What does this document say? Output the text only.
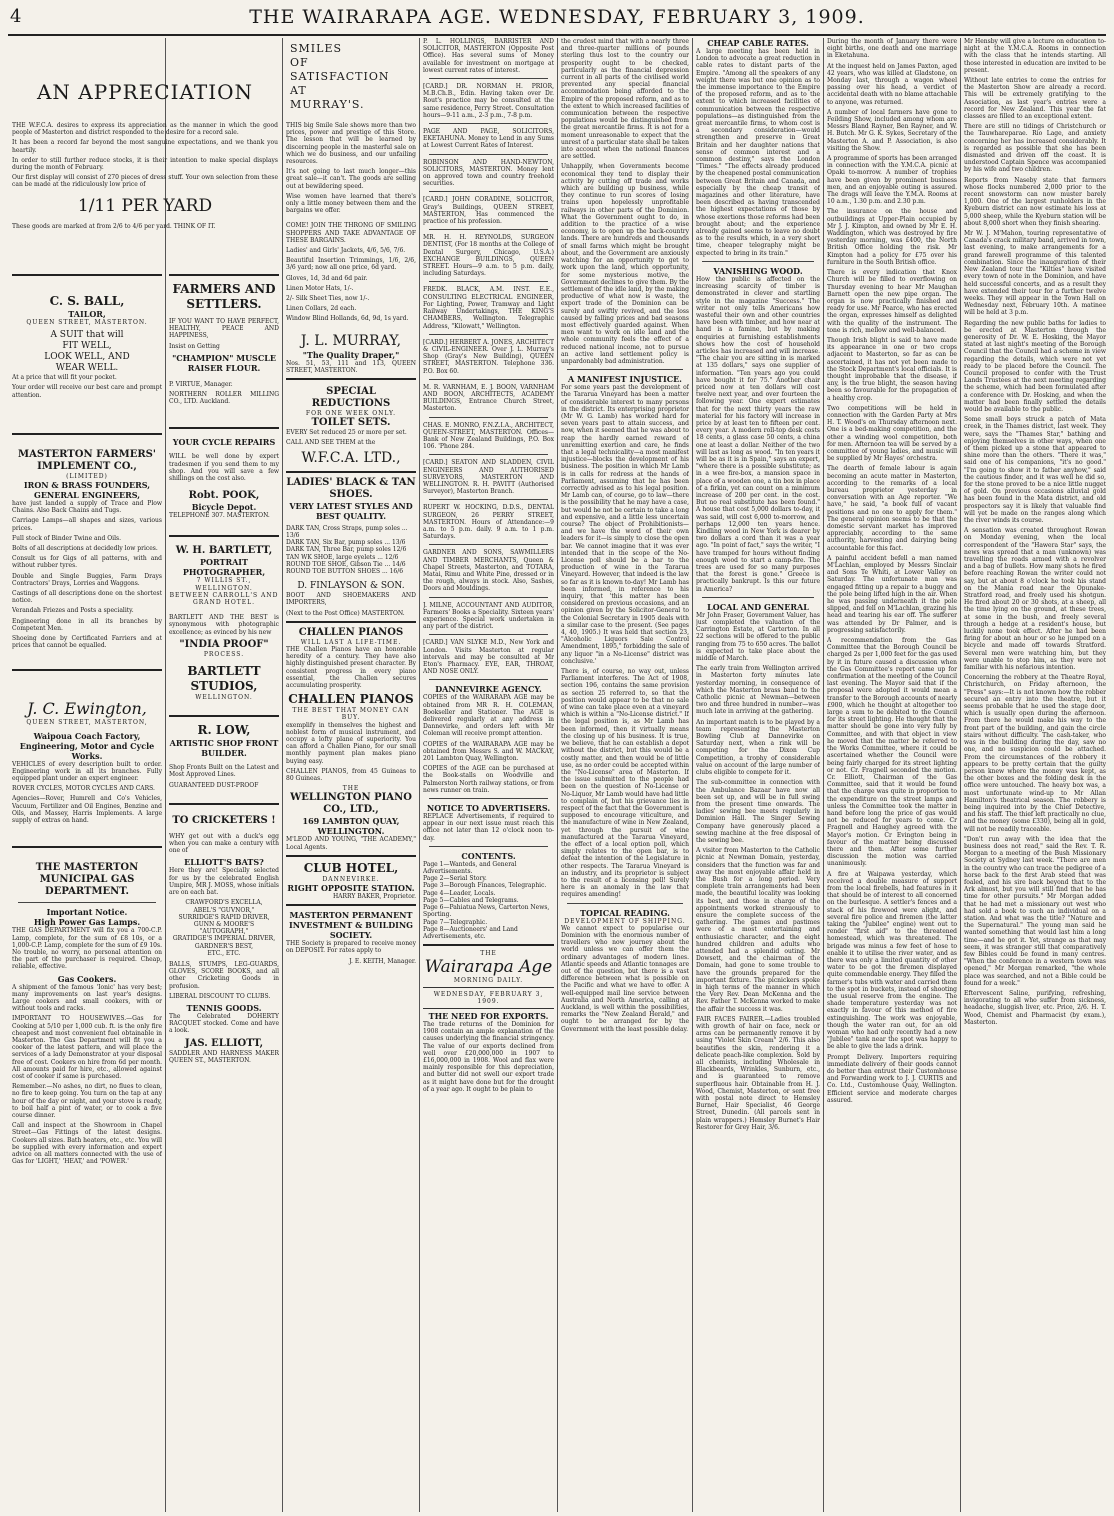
4	THE WAIRARAPA AGE. WEDNESDAY, FEBRUARY 3, 1909.
AN APPRECIATION

THE W.F.C.A. desires to express its appreciation as the manner in which the good people of Masterton and district responded to the desire for a record sale.

It has been a record far beyond the most sanguine expectations, and we thank you heartily.

In order to still further reduce stocks, it is their intention to make special displays during the month of February.

Our first display will consist of 270 pieces of dress stuff. Your own selection from these can be made at the ridiculously low price of

1/11 PER YARD

These goods are marked at from 2/6 to 4/6 per yard. THINK OF IT.

C. S. BALL,
TAILOR,
QUEEN STREET, MASTERTON.
A SUIT that will
FIT WELL,
LOOK WELL, AND
WEAR WELL.

At a price that will fit your pocket.

Your order will receive our best care and prompt attention.

MASTERTON FARMERS' IMPLEMENT CO.,
(LIMITED)
IRON & BRASS FOUNDERS, GENERAL ENGINEERS,

have just landed a supply of Trace and Plow Chains. Also Back Chains and Tugs.

Carriage Lamps—all shapes and sizes, various prices.

Full stock of Binder Twine and Oils.

Bolts of all descriptions at decidedly low prices.

Consult us for Gigs of all patterns, with and without rubber tyres.

Double and Single Buggies, Farm Drays Contractors' Drays, Lorries and Waggons.

Castings of all descriptions done on the shortest notice.

Verandah Friezes and Posts a speciality.

Engineering done in all its branches by Competent Men.

Shoeing done by Certificated Farriers and at prices that cannot be equalled.

J. C. Ewington,
QUEEN STREET, MASTERTON,
Waipoua Coach Factory, Engineering, Motor and Cycle Works.

VEHICLES of every description built to order. Engineering work in all its branches. Fully equipped plant under an expert engineer.

ROVER CYCLES, MOTOR CYCLES AND CARS.

Agencies—Rover, Humrell and Co's Vehicles, Vacuum, Fertilizer and Oil Engines, Benzine and Oils, and Massey, Harris Implements. A large supply of extras on hand.

THE MASTERTON MUNICIPAL GAS DEPARTMENT.
Important Notice.
High Power Gas Lamps.

THE GAS DEPARTMENT will fix you a 700-C.P. Lamp, complete, for the sum of £8 10s, or a 1,000-C.P. Lamp, complete for the sum of £9 10s. No trouble, no worry, no personal attention on the part of the purchaser is required. Cheap, reliable, effective.

Gas Cookers.

A shipment of the famous 'Ionic' has very best; many improvements on last year's designs. Large cookers and small cookers, with or without tools and racks.

IMPORTANT TO HOUSEWIVES.—Gas for Cooking at 5/10 per 1,000 cub. ft. is the only fire cheapest and most convenient fuel obtainable in Masterton. The Gas Department will fit you a cooker of the latest pattern, and will place the services of a lady Demonstrator at your disposal free of cost. Cookers on hire from 6d per month. All amounts paid for hire, etc., allowed against cost of cooker if same is purchased.

Remember.—No ashes, no dirt, no flues to clean, no fire to keep going. You turn on the tap at any hour of the day or night, and your stove is ready, to boil half a pint of water, or to cook a five course dinner.

Call and inspect at the Showroom in Chapel Street—Gas Fittings of the latest designs. Cookers all sizes. Bath heaters, etc., etc. You will be supplied with every information and expert advice on all matters connected with the use of Gas for 'LIGHT,' 'HEAT,' and 'POWER.'

FARMERS AND SETTLERS.

IF YOU WANT TO HAVE PERFECT, HEALTHY, PEACE AND HAPPINESS,

Insist on Getting

"CHAMPION" MUSCLE RAISER FLOUR.

P. VIRTUE, Manager.

NORTHERN ROLLER MILLING CO., LTD. Auckland.

YOUR CYCLE REPAIRS

WILL be well done by expert tradesmen if you send them to my shop. And you will save a few shillings on the cost also.

Robt. POOK,
Bicycle Depot.

TELEPHONE 307. MASTERTON.

W. H. BARTLETT,
PORTRAIT PHOTOGRAPHER,
7 WILLIS ST., WELLINGTON.
BETWEEN CARROLL'S AND GRAND HOTEL.

BARTLETT AND THE BEST is synonymous with photographic excellence; as evinced by his new

"INDIA PROOF"
PROCESS.
BARTLETT STUDIOS,
WELLINGTON.
R. LOW,
ARTISTIC SHOP FRONT BUILDER.

Shop Fronts Built on the Latest and Most Approved Lines.

GUARANTEED DUST-PROOF

TO CRICKETERS !

WHY get out with a duck's egg when you can make a century with one of

ELLIOTT'S BATS?

Here they are! Specially selected for us by the celebrated English Umpire, MR J. MOSS, whose initials are on each bat.

CRAWFORD'S EXCELLA,
ABEL'S "GUVNOR,"
SURRIDGE'S RAPID DRIVER,
GUNN & MOORE'S "AUTOGRAPH,"
GRATIDGE'S IMPERIAL DRIVER,
GARDNER'S BEST,
ETC., ETC.

BALLS, STUMPS, LEG-GUARDS, GLOVES, SCORE BOOKS, and all other Cricketing Goods in profusion.

LIBERAL DISCOUNT TO CLUBS.

TENNIS GOODS.

The Celebrated DOHERTY RACQUET stocked. Come and have a look.

JAS. ELLIOTT,

SADDLER AND HARNESS MAKER QUEEN ST., MASTERTON.

SMILES
OF
SATISFACTION
AT
MURRAY'S.

THIS big Smile Sale shows more than two prices, power and prestige of this Store. The lesson that will be learned by discerning people in the masterful sale on which we do business, and our unfailing resources.

It's not going to last much longer—this great sale—it can't. The goods are selling out at bewildering speed.

Wise women have learned that there's only a little money between them and the bargains we offer.

COME! JOIN THE THRONG OF SMILING SHOPPERS AND TAKE ADVANTAGE OF THESE BARGAINS.

Ladies' and Girls' Jackets, 4/6, 5/6, 7/6.

Beautiful Insertion Trimmings, 1/6, 2/6, 3/6 yard; now all one price, 6d yard.

Gloves, 1d, 3d and 6d pair.

Linen Motor Hats, 1/-.

2/- Silk Sheet Ties, now 1/-.

Linen Collars, 2d each.

Window Blind Hollands, 6d, 9d, 1s yard.

J. L. MURRAY,
"The Quality Draper,"

Nos. 51, 53, 111 and 113, QUEEN STREET, MASTERTON.

SPECIAL REDUCTIONS
FOR ONE WEEK ONLY.
TOILET SETS.

EVERY Set reduced 25 or more per set.

CALL AND SEE THEM at the

W.F.C.A. LTD.,
LADIES' BLACK & TAN SHOES.
VERY LATEST STYLES AND BEST QUALITY.
DARK TAN, Cross Straps, pump soles ... 13/6
DARK TAN, Six Bar, pump soles ... 13/6
DARK TAN, Three Bar, pump soles 12/6
TAN WK SHOE, large eyelets ... 12/6
ROUND TOE SHOE, Gibson Tie ... 14/6
ROUND TOE BUTTON SHOES ... 16/6
D. FINLAYSON & SON.

BOOT AND SHOEMAKERS AND IMPORTERS,

(Next to the Post Office) MASTERTON.

CHALLEN PIANOS
WILL LAST A LIFE-TIME.

THE Challen Pianos have an honorable heredity of a century. They have also highly distinguished present character. By consistent progress in every piano essential, the Challen secures accumulating prosperity.

CHALLEN PIANOS
THE BEST THAT MONEY CAN BUY.

exemplify in themselves the highest and noblest form of musical instrument, and occupy a lofty plane of superiority. You can afford a Challen Piano, for our small monthly payment plan makes piano buying easy.

CHALLEN PIANOS, from 45 Guineas to 80 Guineas.

THE
WELLINGTON PIANO CO., LTD.,
169 LAMBTON QUAY, WELLINGTON.

M'LEOD AND YOUNG, "THE ACADEMY," Local Agents.

CLUB HOTEL,
DANNEVIRKE.
RIGHT OPPOSITE STATION.

HARRY BAKER, Proprietor.

MASTERTON PERMANENT INVESTMENT & BUILDING SOCIETY.

THE Society is prepared to receive money on DEPOSIT. For rates apply to

J. E. KEITH, Manager.

P. L. HOLLINGS, BARRISTER AND SOLICITOR, MASTERTON (Opposite Post Office). Has several sums of Money available for investment on mortgage at lowest current rates of interest.

[CARD.] DR. NORMAN H. PRIOR, M.B.Ch.B., Edin. Having taken over Dr. Rout's practice may be consulted at the same residence, Perry Street. Consultation hours—9-11 a.m., 2-3 p.m., 7-8 p.m.

PAGE AND PAGE, SOLICITORS, EKETAHUNA. Money to Lend in any Sums at Lowest Current Rates of Interest.

ROBINSON AND HAND-NEWTON, SOLICITORS, MASTERTON. Money lent on approved town and country freehold securities.

[CARD.] JOHN CORADINE, SOLICITOR, Gray's Buildings, QUEEN STREET, MASTERTON, Has commenced the practice of his profession.

MR. H. H. REYNOLDS, SURGEON DENTIST, (For 18 months at the College of Dental Surgery, Chicago, U.S.A.) EXCHANGE BUILDINGS, QUEEN STREET. Hours—9 a.m. to 5 p.m. daily, including Saturdays.

FREDK. BLACK, A.M. INST. E.E., CONSULTING ELECTRICAL ENGINEER, For Lighting, Power, Tramway and Light Railway Undertakings, THE KING'S CHAMBERS, Wellington. Telegraphic Address, "Kilowatt," Wellington.

[CARD.] HERBERT A. JONES, ARCHITECT & CIVIL-ENGINEER. Over J. L. Murray's Shop (Gray's New Building), QUEEN STREET, MASTERTON. Telephone 336. P.O. Box 60.

M. R. VARNHAM, E. J. BOON, VARNHAM AND BOON, ARCHITECTS, ACADEMY BUILDINGS, Entrance Church Street, Masterton.

CHAS. E. MONRO, F.N.Z.I.A., ARCHITECT, QUEEN-STREET, MASTERTON. Offices—Bank of New Zealand Buildings, P.O. Box 106. 'Phone 284.

[CARD.] SEATON AND SLADDEN, CIVIL ENGINEERS AND AUTHORISED SURVEYORS, MASTERTON AND WELLINGTON. R. H. PAVITT (Authorised Surveyor), Masterton Branch.

RUPERT W. HOCKING, D.D.S., DENTAL SURGEON, 26 PERRY STREET, MASTERTON. Hours of Attendance:—9 a.m. to 5 p.m. daily. 9 a.m. to 1 p.m. Saturdays.

GARDNER AND SONS, SAWMILLERS AND TIMBER MERCHANTS, Queen & Chapel Streets, Masterton, and TOTARA, Matai, Rimu and White Pine, dressed or in the rough, always in stock. Also, Sashes, Doors and Mouldings.

J. MILNE, ACCOUNTANT AND AUDITOR, Farmers' Books a Speciality. Sixteen years' experience. Special work undertaken in any part of the district.

[CARD.] VAN SLYKE M.D., New York and London. Visits Masterton at regular intervals and may be consulted at Mr Eton's Pharmacy. EYE, EAR, THROAT, AND NOSE ONLY.

DANNEVIRKE AGENCY.

COPIES of the WAIRARAPA AGE may be obtained from MR R. H. COLEMAN, Bookseller and Stationer. The AGE is delivered regularly at any address in Dannevirke, and orders left with Mr Coleman will receive prompt attention.

COPIES of the WAIRARAPA AGE may be obtained from Messrs S. and W. MACKAY, 201 Lambton Quay, Wellington.

COPIES of the AGE can be purchased at the Book-stalls on Woodville and Palmerston North railway stations, or from news runner on train.

NOTICE TO ADVERTISERS.

REPLACE Advertisements, if required to appear in our next issue must reach this office not later than 12 o'clock noon to-day.

CONTENTS.
Page 1—Wanteds, and General Advertisements.
Page 2—Serial Story.
Page 3—Borough Finances, Telegraphic.
Page 4—Leader, Locals.
Page 5—Cables and Telegrams.
Page 6—Pahiatua News, Carterton News, Sporting.
Page 7—Telegraphic.
Page 8—Auctioneers' and Land Advertisements, etc.
THE
Wairarapa Age
MORNING DAILY.
WEDNESDAY, FEBRUARY 3, 1909.
THE NEED FOR EXPORTS.

The trade returns of the Dominion for 1908 contain an ample explanation of the causes underlying the financial stringency. The value of our exports declined from well over £20,000,000 in 1907 to £16,000,000 in 1908. Wool and flax were mainly responsible for this depreciation, and butter did not swell our export trade as it might have done but for the drought of a year ago. It ought to be plain to

the crudest mind that with a nearly three and three-quarter millions of pounds sterling thus lost to the country our prosperity ought to be checked, particularly as the financial depression current in all parts of the civilised world prevented any special financial accommodation being afforded to the Empire of the proposed reform, and as to the extent to which increased facilities of communication between the respective populations would be distinguished from the great mercantile firms. It is not for a moment unreasonable to expect that the unrest of a particular state shall be taken into account when the national finances are settled.

Unhappily, when Governments become economical they tend to display their activity by cutting off trade and works which are building up business, while they continue to run scores of losing trains upon hopelessly unprofitable railways in other parts of the Dominion. What the Government ought to do, in addition to the practice of a wise economy, is to open up the back-country lands. There are hundreds and thousands of small farms which might be brought about, and the Government are anxiously watching for an opportunity to get to work upon the land, which opportunity, for some mysterious motive, the Government declines to give them. By the settlement of the idle land, by the making productive of what now is waste, the export trade of the Dominion can be surely and swiftly revived, and the loss caused by falling prices and bad seasons most effectively guarded against. When men want to work on idle land and the whole community feels the effect of a reduced national income, not to pursue an active land settlement policy is unpardonably bad administration.

A MANIFEST INJUSTICE.

For some years past the development of the Tararua Vineyard has been a matter of considerable interest to many persons in the district. Its enterprising proprietor (Mr W. G. Lamb) has worked hard for seven years past to attain success, and now, when it seemed that he was about to reap the hardly earned reward of unremitting exertion and care, he finds that a legal technicality—a most manifest injustice—blocks the development of his business. The position in which Mr Lamb is in calls for redress at the hands of Parliament, assuming that he has been correctly advised as to his legal position. Mr Lamb can, of course, go to law—there is the possibility that he may have a case, but would he not be certain to take a long and expensive, and a little less uncertain course? The object of Prohibitionists—and we have the word of their own leaders for it—is simply to close the open bar. We cannot imagine that it was ever intended that in the scope of the No-License poll should be a bar to the production of wine in the Tararua Vineyard. However, that indeed is the law so far as it is known to-day! Mr Lamb has been informed, in reference to his inquiry, that 'this matter has been considered on previous occasions, and an opinion given by the Solicitor-General to the Colonial Secretary in 1905 deals with a similar case to the present. (See pages 4, 40, 1905.) It was held that section 23, "Alcoholic Liquors Sale Control Amendment, 1895," forbidding the sale of any liquor "in a No-License" district was conclusive.'

There is, of course, no way out, unless Parliament interferes. The Act of 1908, section 196, contains the same provision as section 25 referred to, so that the position would appear to be that no sale of wine can take place even at a vineyard which is within a "No-License district." If the legal position is, as Mr Lamb has been informed, then it virtually means the closing up of his business. It is true, we believe, that he can establish a depot without the district, but this would be a costly matter, and then would be of little use, as no order could be accepted within the "No-License" area of Masterton. If the issue submitted to the people had been on the question of No-License or No-Liquor, Mr Lamb would have had little to complain of, but his grievance lies in respect of the fact that the Government is supposed to encourage viticulture, and the manufacture of wine in New Zealand, yet through the pursuit of wine manufactured at the Tararua Vineyard, the effect of a local option poll, which simply relates to the open bar, is to defeat the intention of the Legislature in other respects. The Tararua Vineyard is an industry, and its proprietor is subject to the result of a licensing poll! Surely here is an anomaly in the law that requires amending!

TOPICAL READING.
DEVELOPMENT OF SHIPPING.

We cannot expect to popularise our Dominion with the enormous number of travellers who now journey about the world unless we can offer them the ordinary advantages of modern lines. Atlantic speeds and Atlantic tonnages are out of the question, but there is a vast difference between what is possible on the Pacific and what we have to offer. A well-equipped mail line service between Australia and North America, calling at Auckland, is well within the possibilities, remarks the "New Zealand Herald," and ought to be arranged for by the Government with the least possible delay.

CHEAP CABLE RATES.

A large meeting has been held in London to advocate a great reduction in cable rates to distant parts of the Empire. "Among all the speakers of any weight there was but one opinion as to the immense importance to the Empire of the proposed reform, and as to the extent to which increased facilities of communication between the respective populations—as distinguished from the great mercantile firms, to whom cost is a secondary consideration—would strengthen and preserve in Great Britain and her daughter nations that sense of common interest and a common destiny," says the London "Times." "The effects already produced by the cheapened postal communication between Great Britain and Canada, and especially by the cheap transit of magazines and other literature, have been described as having transcended the highest expectations of those by whose exertions those reforms had been brought about; and the experience already gained seems to leave no doubt as to the results which, in a very short time, cheaper telegraphy might be expected to bring in its train."

VANISHING WOOD.

How the public is affected on the increasing scarcity of timber is demonstrated in clever and startling style in the magazine "Success." The writer not only tells Americans how wasteful their own and other countries have been with timber, and how near at hand is a famine, but by making enquiries at furnishing establishments shows how the cost of household articles has increased and will increase. "The chair you are sitting in is marked at 135 dollars," says one supplier of information. "Ten years ago you could have bought it for 75." Another chair priced now at ten dollars will cost twelve next year, and over fourteen the following year. One expert estimates that for the next thirty years the raw material for his factory will increase in price by at least ten to fifteen per cent. every year. A modern roll-top desk costs 18 cents, a glass case 50 cents, a china one at least a dollar. Neither of the two will last as long as wood. "In ten years it will be as it is in Spain," says an expert, "where there is a possible substitute; as in a wee fire-box, a mansion space in place of a wooden one, a tin box in place of a firkin, yet can count on a minimum increase of 200 per cent. in the cost. But no real substitute has been found." A house that cost 5,000 dollars to-day, it was said, will cost 6,000 to-morrow, and perhaps 12,000 ten years hence. Kindling wood in New York is dearer by two dollars a cord than it was a year ago. "In point of fact," says the writer, "I have tramped for hours without finding enough wood to start a camp-fire. The trees are used for so many purposes that the forest is gone." Greece is practically bankrupt. Is this our future in America?

LOCAL AND GENERAL

Mr John Fraser, Government Valuer, has just completed the valuation of the Carrington Estate, at Carterton. In all 22 sections will be offered to the public ranging from 75 to 650 acres. The ballot is expected to take place about the middle of March.

The early train from Wellington arrived in Masterton forty minutes late yesterday morning, in consequence of which the Masterton brass band to the Catholic picnic at Newman—between two and three hundred in number—was much late in arriving at the gathering.

An important match is to be played by a team representing the Masterton Bowling Club at Dannevirke on Saturday next, when a rink will be competing for the Dixon Cup Competition, a trophy of considerable value on account of the large number of clubs eligible to compete for it.

The sub-committee in connection with the Ambulance Bazaar have now all been set up, and will be in full swing from the present time onwards. The ladies' sewing bee meets regularly in Dominion Hall. The Singer Sewing Company have generously placed a sewing machine at the free disposal of the sewing bee.

A visitor from Masterton to the Catholic picnic at Newman Domain, yesterday, considers that the function was far and away the most enjoyable affair held in the Bush for a long period. Very complete train arrangements had been made, the beautiful locality was looking its best, and those in charge of the appointments worked strenuously to ensure the complete success of the gathering. The games and pastimes were of a most entertaining and enthusiastic character, and the eight hundred children and adults who attended had a splendid outing. Mr Dowsett, and the chairman of the Domain, had gone to some trouble to have the grounds prepared for the important fixture. The picnickers spoke in high terms of the manner in which the Very Rev. Dean McKenna and the Rev. Father T. McKenna worked to make the affair the success it was.

FAIR FACES FAIRER.—Ladies troubled with growth of hair on face, neck or arms can be permanently remove it by using "Violet Skin Cream" 2/6. This also beautifies the skin, rendering it a delicate peach-like complexion. Sold by all chemists, including Wholesale in Blackbeards, Wrinkles, Sunburn, etc., and is guaranteed to remove superfluous hair. Obtainable from H. J. Wood, Chemist, Masterton, or sent free with postal note direct to Hemsley Burnet, Hair Specialist, 46 George Street, Dunedin. (All parcels sent in plain wrappers.) Hemsley Burnet's Hair Restorer for Grey Hair, 3/6.

During the month of January there were eight births, one death and one marriage in Eketahuna.

At the inquest held on James Paxton, aged 42 years, who was killed at Gladstone, on Monday last, through a wagon wheel passing over his head, a verdict of accidental death with no blame attachable to anyone, was returned.

A number of local farmers have gone to Feilding Show, included among whom are Messrs Bland Rayner, Ben Rayner, and W. H. Butch. Mr G. K. Sykes, Secretary of the Masterton A. and P. Association, is also visiting the Show.

A programme of sports has been arranged in connection with the Y.M.C.A. picnic at Opaki to-morrow. A number of trophies have been given by prominent business men, and an enjoyable outing is assured. The drags will leave the Y.M.A. Rooms at 10 a.m., 1.30 p.m. and 2.30 p.m.

The insurance on the house and outbuildings at Upper-Plain occupied by Mr J. J. Kimpton, and owned by Mr E. H. Waddington, which was destroyed by fire yesterday morning, was £400, the North British Office holding the risk. Mr Kimpton had a policy for £75 over his furniture in the South British office.

There is every indication that Knox Church will be filled to overflowing on Thursday evening to hear Mr Maughan Barnett open the new pipe organ. The organ is now practically finished and ready for use. Mr Pearce, who has erected the organ, expresses himself as delighted with the quality of the instrument. The tone is rich, mellow and well-balanced.

Though Irish blight is said to have made its appearance in one or two crops adjacent to Masterton, so far as can be ascertained, it has not yet been made to the Stock Department's local officials. It is thought improbable that the disease, if any, is the true blight, the season having been so favourable for the propagation of a healthy crop.

Two competitions will be held in connection with the Garden Party at Mrs H. T. Wood's on Thursday afternoon next. One is a bed-making competition, and the other a winding wool competition, both for men. Afternoon tea will be served by a committee of young ladies, and music will be supplied by Mr Hayes' orchestra.

The dearth of female labour is again becoming an acute matter in Masterton, according to the remarks of a local bureau proprietor yesterday in conversation with an Age reporter. "We have," he said, "a book full of vacant positions and no one to apply for them." The general opinion seems to be that the domestic servant market has improved appreciably, according to the same authority, harvesting and dairying being accountable for this fact.

A painful accident befell a man named M'Lachlan, employed by Messrs Sinclair and Sons Te Whiti, at Lower Valley on Saturday. The unfortunate man was engaged fitting up a repair to a buggy and the pole being lifted high in the air. When he was passing underneath it the pole slipped, and fell on M'Lachlan, grazing his head and tearing his ear off. The sufferer was attended by Dr Palmer, and is progressing satisfactorily.

A recommendation from the Gas Committee that the Borough Council be charged 2s per 1,000 feet for the gas used by it in future caused a discussion when the Gas Committee's report came up for confirmation at the meeting of the Council last evening. The Mayor said that if the proposal were adopted it would mean a transfer to the Borough accounts of nearly £900, which he thought at altogether too large a sum to be debited to the Council for its street lighting. He thought that the matter should be gone into very fully by Committee, and with that object in view he moved that the matter be referred to the Works Committee, where it could be ascertained whether the Council were being fairly charged for its street lighting or not. Cr. Fragnell seconded the motion. Cr. Elliott, Chairman of the Gas Committee, said that it would be found that the charge was quite in proportion to the expenditure on the street lamps and unless the Committee took the matter in hand before long the price of gas would not be reduced for years to come. Cr Fragnell and Haughey agreed with the Mayor's motion. Cr Evington being in favour of the matter being discussed there and then. After some further discussion the motion was carried unanimously.

A fire at Waipawa yesterday, which received a double measure of support from the local firebells, had features in it that should be of interest to all concerned on the burlesque. A settler's fences and a stack of his firewood were alight, and several fire police and firemen (the latter taking the "Jubilee" engine) went out to render "first aid" to the threatened homestead, which was threatened. The brigade was minus a few feet of hose to enable it to utilise the river water, and as there was only a limited quantity of other water to be got the firemen displayed quite commendable energy. They filled the farmer's tubs with water and carried them to the spot in buckets, instead of shooting the usual reserve from the engine. The shade temperature yesterday was not exactly in favour of this method of fire extinguishing. The work was enjoyable, though the water ran out, for an old woman who had only recently had a new "Jubilee" tank near the spot was happy to be able to give the lads a drink.

Prompt Delivery. Importers requiring immediate delivery of their goods cannot do better than entrust their Customhouse and Forwarding work to J. J. CURTIS and Co. Ltd., Customhouse Quay, Wellington. Efficient service and moderate charges assured.

Mr Hensby will give a lecture on education to-night at the Y.M.C.A. Rooms in connection with the class that he intends starting. All those interested in education are invited to be present.

Without late entries to come the entries for the Masterton Show are already a record. This will be extremely gratifying to the Association, as last year's entries were a record for New Zealand. This year the fat classes are filled to an exceptional extent.

There are still no tidings of Christchurch or the Tauwhareparae. Rio Lage, and anxiety concerning her has increased considerably. It is regarded as possible that she has been dismasted and driven off the coast. It is understood Captain Spence was accompanied by his wife and two children.

Reports from Naseby state that farmers whose flocks numbered 2,000 prior to the recent snowstorm can now muster barely 1,000. One of the largest runholders in the Kyeburn district can now estimate his loss at 5,000 sheep, while the Kyeburn station will be about 8,000 short when they finish shearing.

Mr W. J. M'Mahon, touring representative of Canada's crack military band, arrived in town, last evening, to make arrangements for a grand farewell programme of this talented combination. Since the inauguration of their New Zealand tour the "Kilties" have visited every town of note in the Dominion, and have held successful concerts, and as a result they have extended their tour for a further twelve weeks. They will appear in the Town Hall on Wednesday next, February 10th. A matinee will be held at 3 p.m.

Regarding the new public baths for ladies to be erected at Masterton through the generosity of Dr. W. E. Hosking, the Mayor stated at last night's meeting of the Borough Council that the Council had a scheme in view regarding the details, which were not yet ready to be placed before the Council. The Council proposed to confer with the Trust Lands Trustees at the next meeting regarding the scheme, which had been formulated after a conference with Dr. Hosking, and when the matter had been finally settled the details would be available to the public.

Some small boys struck a patch of Mata creek, in the Thames district, last week. They were, says the "Thames Star," bathing and enjoying themselves in other ways, when one of them picked up a stone that appeared to shine more than the others. "There it was," said one of his companions, "it's no good." "I'm going to show it to father anyhow," said the cautious finder, and it was well he did so, for the stone proved to be a nice little nugget of gold. On previous occasions alluvial gold has been found in the Mata district, and old prospectors say it is likely that valuable find will yet be made on the ranges along which the river winds its course.

A sensation was created throughout Rowan on Monday evening, when the local correspondent of the "Hawera Star" says, the news was spread that a man (unknown) was travelling the roads armed with a revolver and a bag of bullets. How many shots he fired before reaching Rowan the writer could not say, but at about 8 o'clock he took his stand on the Mania road near the Opunake-Stratford road, and freely used his shotgun. He fired about 20 or 30 shots, at a sheep, all the time lying on the ground, at these trees, at some in the bush, and freely several through a hedge at a resident's house, but luckily none took effect. After he had been firing for about an hour or so he jumped on a bicycle and made off towards Stratford. Several men were watching him, but they were unable to stop him, as they were not familiar with his nefarious intention.

Concerning the robbery at the Theatre Royal, Christchurch, on Friday afternoon, the "Press" says:—It is not known how the robber secured an entry into the theatre, but it seems probable that he used the stage door, which is usually open during the afternoon. From there he would make his way to the front part of the building, and gain the circle stairs without difficulty. The cash-taker, who was in the building during the day, saw no one, and no suspicion could be attached. From the circumstances of the robbery it appears to be pretty certain that the guilty person knew where the money was kept, as the other boxes and the folding desk in the office were untouched. The heavy box was, a most unfortunate wind-up to Mr Allan Hamilton's theatrical season. The robbery is being inquired into by the Chief Detective, and his staff. The thief left practically no clue, and the money (some £330), being all in gold, will not be readily traceable.

"Don't run away with the idea that the business does not read," said the Rev. T. R. Morgan to a meeting of the Bush Missionary Society at Sydney last week. "There are men in the country who can trace the pedigree of a horse back to the first Arab steed that was foaled, and his sire back beyond that to the Ark almost, but you will still find that he has time for other pursuits." Mr Morgan added that he had met a missionary out west who had sold a book to such an individual on a station. And what was the title? "Nature and the Supernatural." The young man said he wanted something that would last him a long time—and he got it. Yet, strange as that may seem, it was stranger still that comparatively few Bibles could be found in many centres. "When the conference in a western town was opened," Mr Morgan remarked, "the whole place was searched, and not a Bible could be found for a week."

Eftervescent Saline, purifying, refreshing, invigorating to all who suffer from sickness, headache, sluggish liver, etc. Price, 2/6. H. T. Wood, Chemist and Pharmacist (by exam.), Masterton.
